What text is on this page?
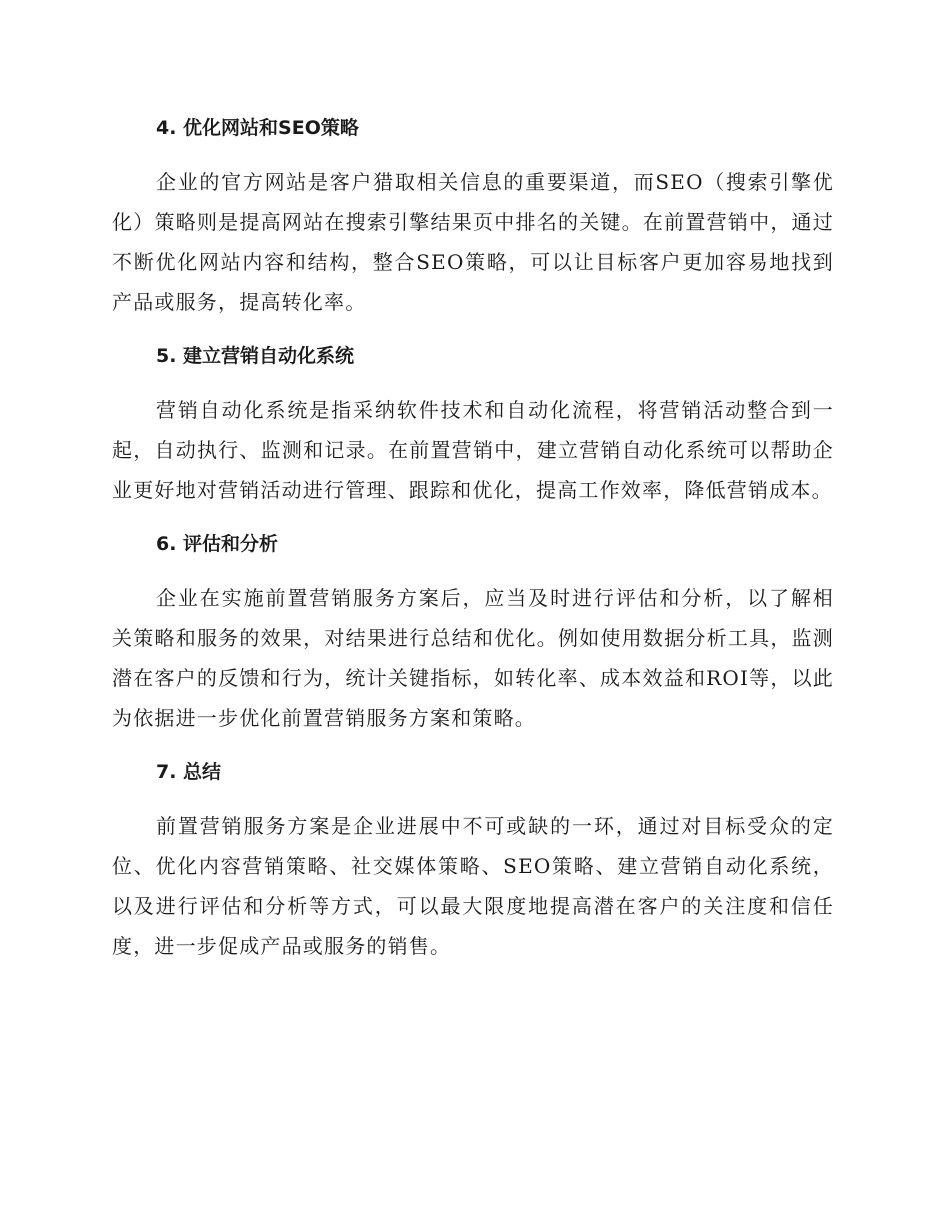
4. 优化网站和SEO策略

企业的官方网站是客户猎取相关信息的重要渠道，而SEO（搜索引擎优化）策略则是提高网站在搜索引擎结果页中排名的关键。在前置营销中，通过不断优化网站内容和结构，整合SEO策略，可以让目标客户更加容易地找到产品或服务，提高转化率。

5. 建立营销自动化系统

营销自动化系统是指采纳软件技术和自动化流程，将营销活动整合到一起，自动执行、监测和记录。在前置营销中，建立营销自动化系统可以帮助企业更好地对营销活动进行管理、跟踪和优化，提高工作效率，降低营销成本。

6. 评估和分析

企业在实施前置营销服务方案后，应当及时进行评估和分析，以了解相关策略和服务的效果，对结果进行总结和优化。例如使用数据分析工具，监测潜在客户的反馈和行为，统计关键指标，如转化率、成本效益和ROI等，以此为依据进一步优化前置营销服务方案和策略。

7. 总结

前置营销服务方案是企业进展中不可或缺的一环，通过对目标受众的定位、优化内容营销策略、社交媒体策略、SEO策略、建立营销自动化系统，以及进行评估和分析等方式，可以最大限度地提高潜在客户的关注度和信任度，进一步促成产品或服务的销售。
